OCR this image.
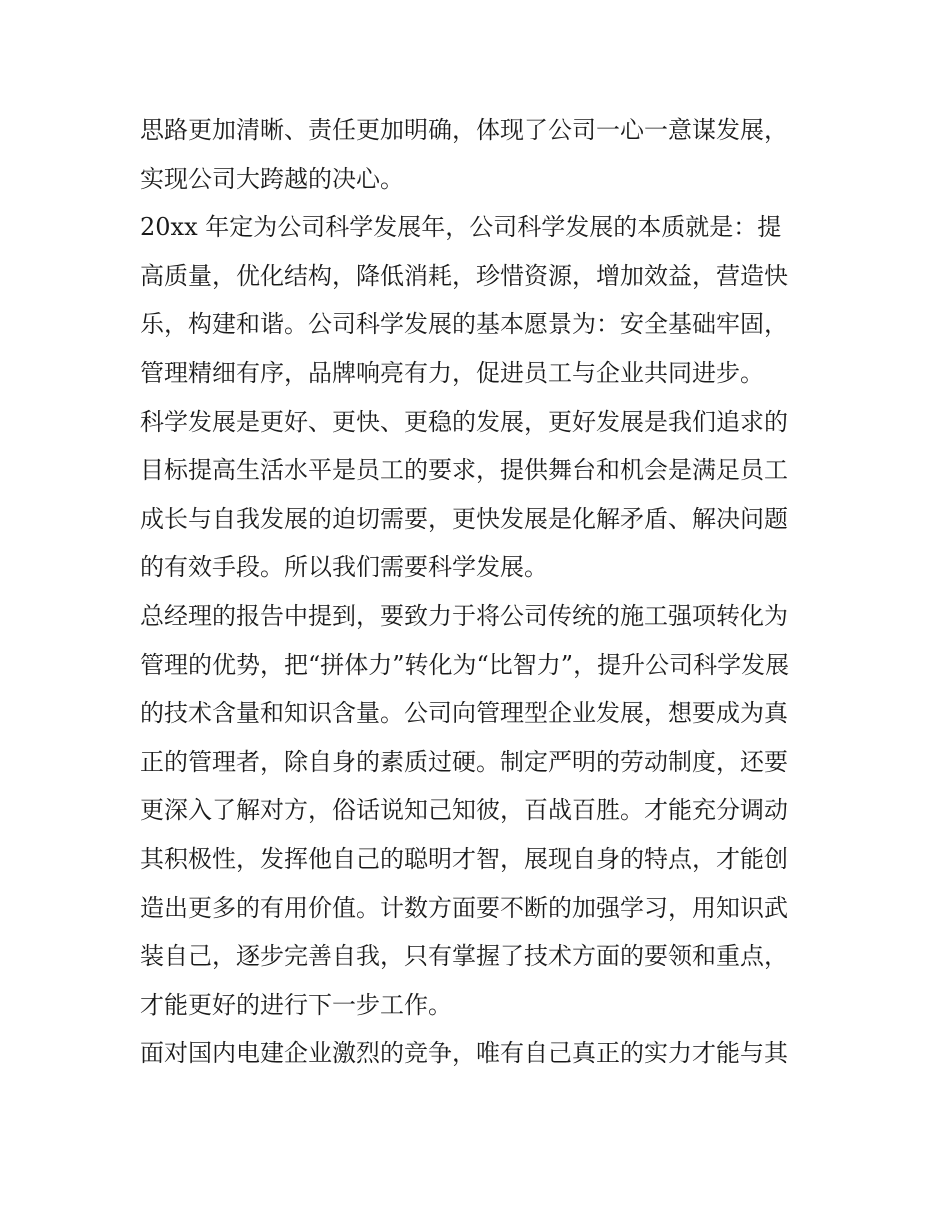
思路更加清晰、责任更加明确，体现了公司一心一意谋发展，
实现公司大跨越的决心。
20xx 年定为公司科学发展年，公司科学发展的本质就是：提
高质量，优化结构，降低消耗，珍惜资源，增加效益，营造快
乐，构建和谐。公司科学发展的基本愿景为：安全基础牢固，
管理精细有序，品牌响亮有力，促进员工与企业共同进步。
科学发展是更好、更快、更稳的发展，更好发展是我们追求的
目标提高生活水平是员工的要求，提供舞台和机会是满足员工
成长与自我发展的迫切需要，更快发展是化解矛盾、解决问题
的有效手段。所以我们需要科学发展。
总经理的报告中提到，要致力于将公司传统的施工强项转化为
管理的优势，把“拼体力”转化为“比智力”，提升公司科学发展
的技术含量和知识含量。公司向管理型企业发展，想要成为真
正的管理者，除自身的素质过硬。制定严明的劳动制度，还要
更深入了解对方，俗话说知己知彼，百战百胜。才能充分调动
其积极性，发挥他自己的聪明才智，展现自身的特点，才能创
造出更多的有用价值。计数方面要不断的加强学习，用知识武
装自己，逐步完善自我，只有掌握了技术方面的要领和重点，
才能更好的进行下一步工作。
面对国内电建企业激烈的竞争，唯有自己真正的实力才能与其
